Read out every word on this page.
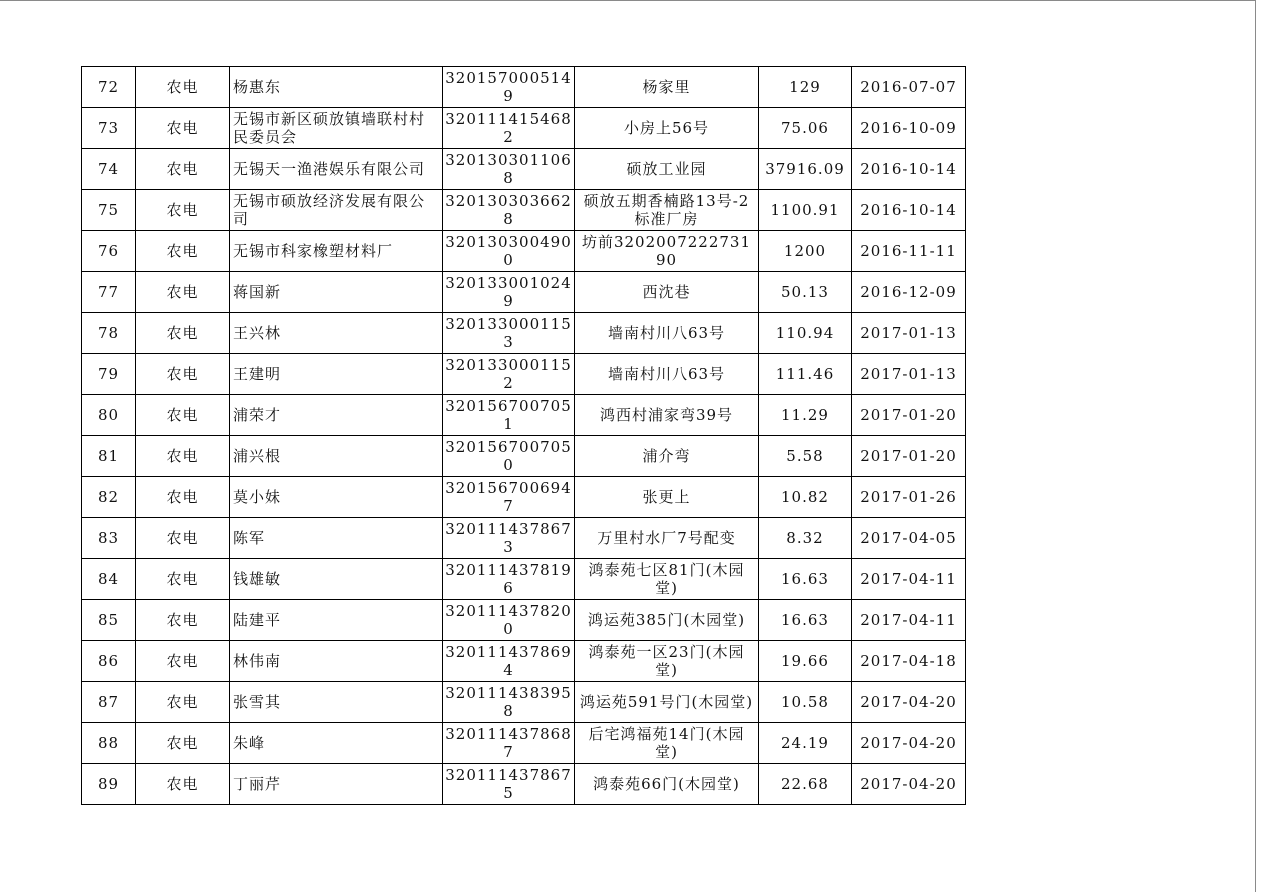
72	农电	杨惠东	3201570005149	杨家里	129	2016-07-07
73	农电	无锡市新区硕放镇墙联村村民委员会	3201114154682	小房上56号	75.06	2016-10-09
74	农电	无锡天一渔港娱乐有限公司	3201303011068	硕放工业园	37916.09	2016-10-14
75	农电	无锡市硕放经济发展有限公司	3201303036628	硕放五期香楠路13号-2标准厂房	1100.91	2016-10-14
76	农电	无锡市科家橡塑材料厂	3201303004900	坊前320200722273190	1200	2016-11-11
77	农电	蒋国新	3201330010249	西沈巷	50.13	2016-12-09
78	农电	王兴林	3201330001153	墙南村川八63号	110.94	2017-01-13
79	农电	王建明	3201330001152	墙南村川八63号	111.46	2017-01-13
80	农电	浦荣才	3201567007051	鸿西村浦家弯39号	11.29	2017-01-20
81	农电	浦兴根	3201567007050	浦介弯	5.58	2017-01-20
82	农电	莫小妹	3201567006947	张更上	10.82	2017-01-26
83	农电	陈军	3201114378673	万里村水厂7号配变	8.32	2017-04-05
84	农电	钱雄敏	3201114378196	鸿泰苑七区81门(木园堂)	16.63	2017-04-11
85	农电	陆建平	3201114378200	鸿运苑385门(木园堂)	16.63	2017-04-11
86	农电	林伟南	3201114378694	鸿泰苑一区23门(木园堂)	19.66	2017-04-18
87	农电	张雪其	3201114383958	鸿运苑591号门(木园堂)	10.58	2017-04-20
88	农电	朱峰	3201114378687	后宅鸿福苑14门(木园堂)	24.19	2017-04-20
89	农电	丁丽芹	3201114378675	鸿泰苑66门(木园堂)	22.68	2017-04-20
